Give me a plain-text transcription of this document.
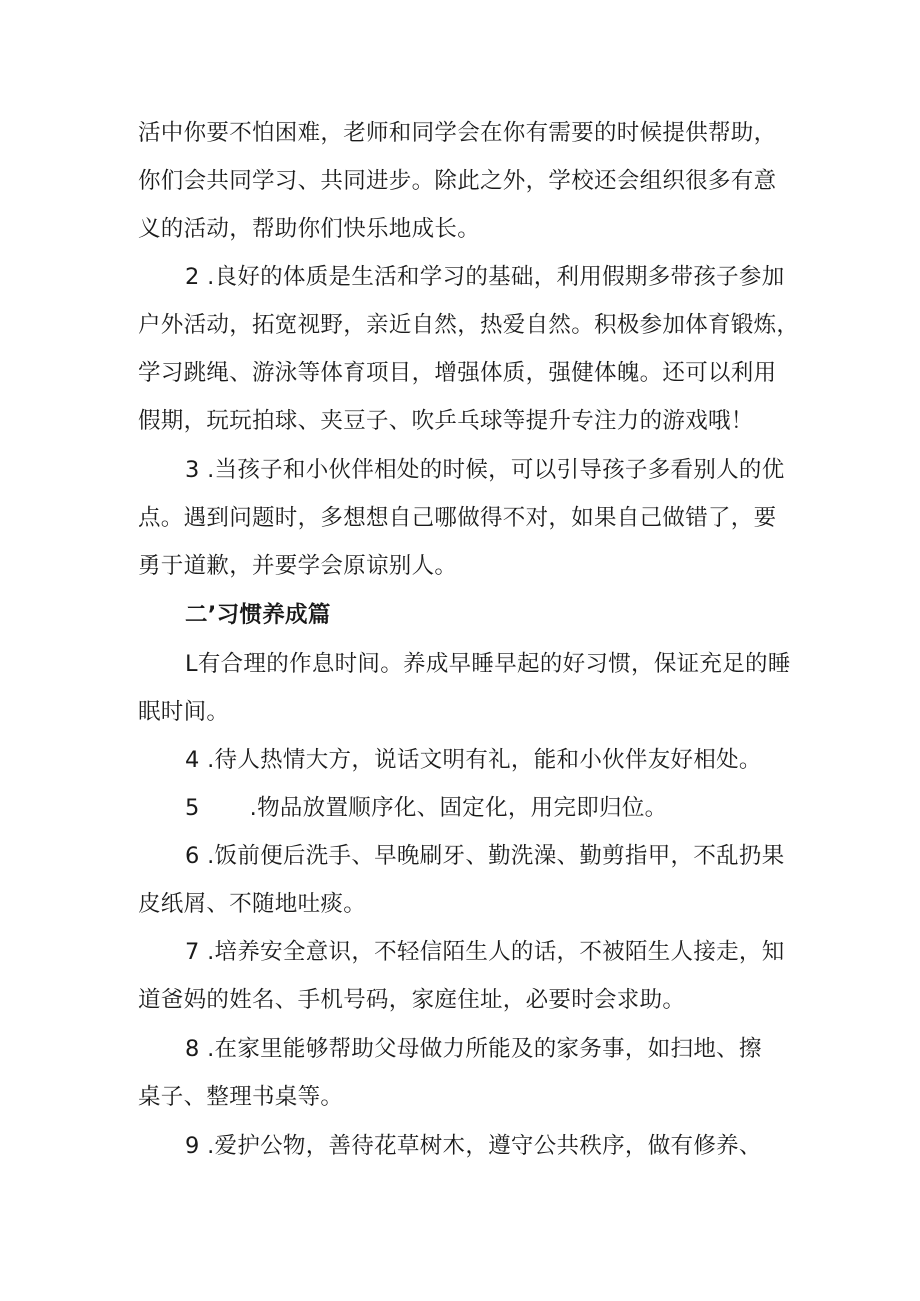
活中你要不怕困难，老师和同学会在你有需要的时候提供帮助，
你们会共同学习、共同进步。除此之外，学校还会组织很多有意
义的活动，帮助你们快乐地成长。
2 .良好的体质是生活和学习的基础，利用假期多带孩子参加
户外活动，拓宽视野，亲近自然，热爱自然。积极参加体育锻炼，
学习跳绳、游泳等体育项目，增强体质，强健体魄。还可以利用
假期，玩玩拍球、夹豆子、吹乒乓球等提升专注力的游戏哦！
3 .当孩子和小伙伴相处的时候，可以引导孩子多看别人的优
点。遇到问题时，多想想自己哪做得不对，如果自己做错了，要
勇于道歉，并要学会原谅别人。
二’习惯养成篇
L有合理的作息时间。养成早睡早起的好习惯，保证充足的睡
眠时间。
4 .待人热情大方，说话文明有礼，能和小伙伴友好相处。
5 .物品放置顺序化、固定化，用完即归位。
6 .饭前便后洗手、早晚刷牙、勤洗澡、勤剪指甲，不乱扔果
皮纸屑、不随地吐痰。
7 .培养安全意识，不轻信陌生人的话，不被陌生人接走，知
道爸妈的姓名、手机号码，家庭住址，必要时会求助。
8 .在家里能够帮助父母做力所能及的家务事，如扫地、擦
桌子、整理书桌等。
9 .爱护公物，善待花草树木，遵守公共秩序，做有修养、
